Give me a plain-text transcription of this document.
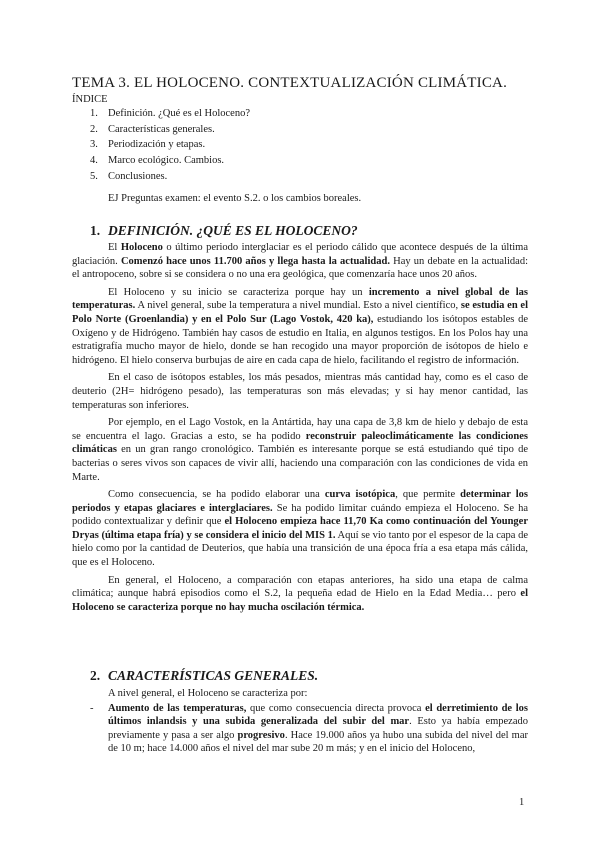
TEMA 3. EL HOLOCENO. CONTEXTUALIZACIÓN CLIMÁTICA.
ÍNDICE
1. Definición. ¿Qué es el Holoceno?
2. Características generales.
3. Periodización y etapas.
4. Marco ecológico. Cambios.
5. Conclusiones.
EJ Preguntas examen: el evento S.2. o los cambios boreales.
1. DEFINICIÓN. ¿QUÉ ES EL HOLOCENO?

El Holoceno o último periodo interglaciar es el periodo cálido que acontece después de la última glaciación. Comenzó hace unos 11.700 años y llega hasta la actualidad. Hay un debate en la actualidad: el antropoceno, sobre si se considera o no una era geológica, que comenzaría hace unos 20 años.

El Holoceno y su inicio se caracteriza porque hay un incremento a nivel global de las temperaturas. A nivel general, sube la temperatura a nivel mundial. Esto a nivel científico, se estudia en el Polo Norte (Groenlandia) y en el Polo Sur (Lago Vostok, 420 ka), estudiando los isótopos estables de Oxígeno y de Hidrógeno. También hay casos de estudio en Italia, en algunos testigos. En los Polos hay una estratigrafía mucho mayor de hielo, donde se han recogido una mayor proporción de isótopos de hielo e hidrógeno. El hielo conserva burbujas de aire en cada capa de hielo, facilitando el registro de información.

En el caso de isótopos estables, los más pesados, mientras más cantidad hay, como es el caso de deuterio (2H= hidrógeno pesado), las temperaturas son más elevadas; y si hay menor cantidad, las temperaturas son inferiores.

Por ejemplo, en el Lago Vostok, en la Antártida, hay una capa de 3,8 km de hielo y debajo de esta se encuentra el lago. Gracias a esto, se ha podido reconstruir paleoclimáticamente las condiciones climáticas en un gran rango cronológico. También es interesante porque se está estudiando qué tipo de bacterias o seres vivos son capaces de vivir allí, haciendo una comparación con las condiciones de vida en Marte.

Como consecuencia, se ha podido elaborar una curva isotópica, que permite determinar los periodos y etapas glaciares e interglaciares. Se ha podido limitar cuándo empieza el Holoceno. Se ha podido contextualizar y definir que el Holoceno empieza hace 11,70 Ka como continuación del Younger Dryas (última etapa fría) y se considera el inicio del MIS 1. Aquí se vio tanto por el espesor de la capa de hielo como por la cantidad de Deuterios, que había una transición de una época fría a esa etapa más cálida, que es el Holoceno.

En general, el Holoceno, a comparación con etapas anteriores, ha sido una etapa de calma climática; aunque habrá episodios como el S.2, la pequeña edad de Hielo en la Edad Media… pero el Holoceno se caracteriza porque no hay mucha oscilación térmica.

2. CARACTERÍSTICAS GENERALES.

A nivel general, el Holoceno se caracteriza por:

- Aumento de las temperaturas, que como consecuencia directa provoca el derretimiento de los últimos inlandsis y una subida generalizada del subir del mar. Esto ya había empezado previamente y pasa a ser algo progresivo. Hace 19.000 años ya hubo una subida del nivel del mar de 10 m; hace 14.000 años el nivel del mar sube 20 m más; y en el inicio del Holoceno,
1
